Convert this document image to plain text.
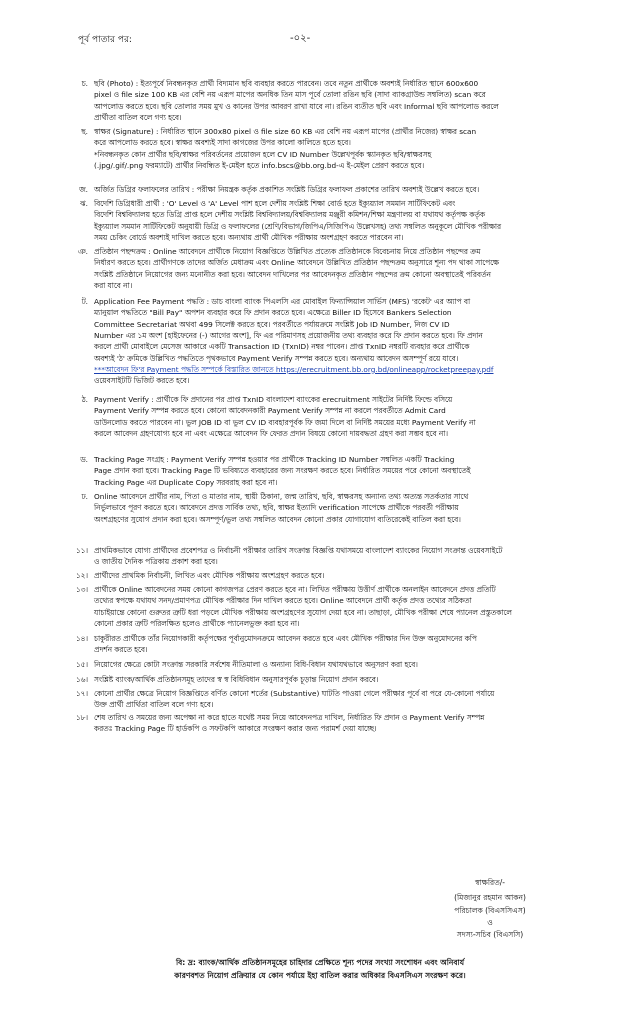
পূর্ব পাতার পর:	-০২-
চ. ছবি (Photo) : ইত্যপূর্বে নিবন্ধনকৃত প্রার্থী বিদ্যমান ছবি ব্যবহার করতে পারবেন। তবে নতুন প্রার্থীকে অবশ্যই নির্ধারিত স্থানে 600x600
pixel ও file size 100 KB এর বেশি নয় এরূপ মাপের অনধিক তিন মাস পূর্বে তোলা রঙিন ছবি (সাদা ব্যাকগ্রাউন্ড সম্বলিত) scan করে
আপলোড করতে হবে। ছবি তোলার সময় মুখ ও কানের উপর আবরণ রাখা যাবে না। রঙিন ব্যতীত ছবি এবং Informal ছবি আপলোড করলে
প্রার্থীতা বাতিল বলে গণ্য হবে।
ছ. স্বাক্ষর (Signature) : নির্ধারিত স্থানে 300x80 pixel ও file size 60 KB এর বেশি নয় এরূপ মাপের (প্রার্থীর নিজের) স্বাক্ষর scan
করে আপলোড করতে হবে। স্বাক্ষর অবশ্যই সাদা কাগজের উপর কালো কালিতে হতে হবে।
*নিবন্ধনকৃত কোন প্রার্থীর ছবি/স্বাক্ষর পরিবর্তনের প্রয়োজন হলে CV ID Number উল্লেখপূর্বক স্ক্যানকৃত ছবি/স্বাক্ষরসহ
(.jpg/.gif/.png ফরম্যাটে) প্রার্থীর নিবন্ধিত ই-মেইল হতে info.bscs@bb.org.bd-এ ই-মেইল প্রেরণ করতে হবে।
জ. অর্জিত ডিগ্রির ফলাফলের তারিখ : পরীক্ষা নিয়ন্ত্রক কর্তৃক প্রকাশিত সংশ্লিষ্ট ডিগ্রির ফলাফল প্রকাশের তারিখ অবশ্যই উল্লেখ করতে হবে।
ঝ. বিদেশি ডিগ্রিধারী প্রার্থী : 'O' Level ও 'A' Level পাশ হলে দেশীয় সংশ্লিষ্ট শিক্ষা বোর্ড হতে ইক্যুয়্যাল সমমান সার্টিফিকেট এবং
বিদেশি বিশ্ববিদ্যালয় হতে ডিগ্রি প্রাপ্ত হলে দেশীয় সংশ্লিষ্ট বিশ্ববিদ্যালয়/বিশ্ববিদ্যালয় মঞ্জুরী কমিশন/শিক্ষা মন্ত্রণালয় বা যথাযথ কর্তৃপক্ষ কর্তৃক
ইক্যুয়্যাল সমমান সার্টিফিকেট অনুযায়ী ডিগ্রি ও ফলাফলের (শ্রেণি/বিভাগ/জিপিএ/সিজিপিএ উল্লেখসহ) তথ্য সম্বলিত অনুকূলে মৌখিক পরীক্ষার
সময় চেকিং বোর্ডে অবশ্যই দাখিল করতে হবে। অন্যথায় প্রার্থী মৌখিক পরীক্ষায় অংশগ্রহণ করতে পারবেন না।
ঞ. প্রতিষ্ঠান পছন্দক্রম : Online আবেদনে প্রার্থীকে নিয়োগ বিজ্ঞপ্তিতে উল্লিখিত প্রত্যেক প্রতিষ্ঠানকে বিবেচনায় নিয়ে প্রতিষ্ঠান পছন্দের ক্রম
নির্ধারণ করতে হবে। প্রার্থীগণকে তাদের অর্জিত মেধাক্রম এবং Online আবেদনে উল্লিখিত প্রতিষ্ঠান পছন্দক্রম অনুসারে শূন্য পদ থাকা সাপেক্ষে
সংশ্লিষ্ট প্রতিষ্ঠানে নিয়োগের জন্য মনোনীত করা হবে। আবেদন দাখিলের পর আবেদনকৃত প্রতিষ্ঠান পছন্দের ক্রম কোনো অবস্থাতেই পরিবর্তন
করা যাবে না।
ট. Application Fee Payment পদ্ধতি : ডাচ বাংলা ব্যাংক পিএলসি এর মোবাইল ফিন্যান্সিয়াল সার্ভিস (MFS) 'রকেট' এর অ্যাপ বা
ম্যানুয়াল পদ্ধতিতে "Bill Pay" অপশন ব্যবহার করে ফি প্রদান করতে হবে। এক্ষেত্রে Biller ID হিসেবে Bankers Selection
Committee Secretariat অথবা 499 সিলেক্ট করতে হবে। পরবর্তীতে পর্যায়ক্রমে সংশ্লিষ্ট Job ID Number, নিজ CV ID
Number এর ১ম অংশ [হাইফেনের (-) আগের অংশ], ফি এর পরিমাণসহ প্রয়োজনীয় তথ্য ব্যবহার করে ফি প্রদান করতে হবে। ফি প্রদান
করলে প্রার্থী মোবাইলে মেসেজ আকারে একটি Transaction ID (TxnID) নম্বর পাবেন। প্রাপ্ত TxnID নম্বরটি ব্যবহার করে প্রার্থীকে
অবশ্যই 'ঠ' ক্রমিকে উল্লিখিত পদ্ধতিতে পৃথকভাবে Payment Verify সম্পন্ন করতে হবে। অন্যথায় আবেদন অসম্পূর্ণ রয়ে যাবে।
***আবেদন ফি'র Payment পদ্ধতি সম্পর্কে বিস্তারিত জানতে https://erecruitment.bb.org.bd/onlineapp/rocketpreepay.pdf
ওয়েবসাইটটি ভিজিট করতে হবে।
ঠ. Payment Verify : প্রার্থীকে ফি প্রদানের পর প্রাপ্ত TxnID বাংলাদেশ ব্যাংকের erecruitment সাইটের নির্দিষ্ট ফিল্ডে বসিয়ে
Payment Verify সম্পন্ন করতে হবে। কোনো আবেদনকারী Payment Verify সম্পন্ন না করলে পরবর্তীতে Admit Card
ডাউনলোড করতে পারবেন না। ভুল JOB ID বা ভুল CV ID ব্যবহারপূর্বক ফি জমা দিলে বা নির্দিষ্ট সময়ের মধ্যে Payment Verify না
করলে আবেদন গ্রহণযোগ্য হবে না এবং এক্ষেত্রে আবেদন ফি ফেরত প্রদান বিষয়ে কোনো দায়বদ্ধতা গ্রহণ করা সম্ভব হবে না।
ড. Tracking Page সংগ্রহ : Payment Verify সম্পন্ন হওয়ার পর প্রার্থীকে Tracking ID Number সম্বলিত একটি Tracking
Page প্রদান করা হবে। Tracking Page টি ভবিষ্যতে ব্যবহারের জন্য সংরক্ষণ করতে হবে। নির্ধারিত সময়ের পরে কোনো অবস্থাতেই
Tracking Page এর Duplicate Copy সরবরাহ করা হবে না।
ঢ. Online আবেদনে প্রার্থীর নাম, পিতা ও মাতার নাম, স্থায়ী ঠিকানা, জন্ম তারিখ, ছবি, স্বাক্ষরসহ অন্যান্য তথ্য অত্যন্ত সতর্কতার সাথে
নির্ভুলভাবে পূরণ করতে হবে। আবেদনে প্রদত্ত সার্বিক তথ্য, ছবি, স্বাক্ষর ইত্যাদি verification সাপেক্ষে প্রার্থীকে পরবর্তী পরীক্ষায়
অংশগ্রহণের সুযোগ প্রদান করা হবে। অসম্পূর্ণ/ভুল তথ্য সম্বলিত আবেদন কোনো প্রকার যোগাযোগ ব্যতিরেকেই বাতিল করা হবে।
১১। প্রাথমিকভাবে যোগ্য প্রার্থীদের প্রবেশপত্র ও নির্বাচনী পরীক্ষার তারিখ সংক্রান্ত বিজ্ঞপ্তি যথাসময়ে বাংলাদেশ ব্যাংকের নিয়োগ সংক্রান্ত ওয়েবসাইটে
ও জাতীয় দৈনিক পত্রিকায় প্রকাশ করা হবে।
১২। প্রার্থীদের প্রাথমিক নির্বাচনী, লিখিত এবং মৌখিক পরীক্ষায় অংশগ্রহণ করতে হবে।
১৩। প্রার্থীকে Online আবেদনের সময় কোনো কাগজপত্র প্রেরণ করতে হবে না। লিখিত পরীক্ষায় উত্তীর্ণ প্রার্থীকে অনলাইন আবেদনে প্রদত্ত প্রতিটি
তথ্যের স্বপক্ষে যথাযথ সনদ/প্রমাণপত্র মৌখিক পরীক্ষার দিন দাখিল করতে হবে। Online আবেদনে প্রার্থী কর্তৃক প্রদত্ত তথ্যের সঠিকতা
যাচাইয়ান্তে কোনো গুরুতর ত্রুটি ধরা পড়লে মৌখিক পরীক্ষায় অংশগ্রহণের সুযোগ দেয়া হবে না। তাছাড়া, মৌখিক পরীক্ষা শেষে প্যানেল প্রস্তুতকালে
কোনো প্রকার ত্রুটি পরিলক্ষিত হলেও প্রার্থীকে প্যানেলভুক্ত করা হবে না।
১৪। চাকুরীরত প্রার্থীকে তাঁর নিয়োগকারী কর্তৃপক্ষের পূর্বানুমোদনক্রমে আবেদন করতে হবে এবং মৌখিক পরীক্ষার দিন উক্ত অনুমোদনের কপি
প্রদর্শন করতে হবে।
১৫। নিয়োগের ক্ষেত্রে কোটা সংক্রান্ত সরকারি সর্বশেষ নীতিমালা ও অন্যান্য বিধি-বিধান যথাযথভাবে অনুসরণ করা হবে।
১৬। সংশ্লিষ্ট ব্যাংক/আর্থিক প্রতিষ্ঠানসমূহ তাদের স্ব স্ব বিধিবিধান অনুসারপূর্বক চূড়ান্ত নিয়োগ প্রদান করবে।
১৭। কোনো প্রার্থীর ক্ষেত্রে নিয়োগ বিজ্ঞপ্তিতে বর্ণিত কোনো শর্তের (Substantive) ঘাটতি পাওয়া গেলে পরীক্ষার পূর্বে বা পরে যে-কোনো পর্যায়ে
উক্ত প্রার্থী প্রার্থিতা বাতিল বলে গণ্য হবে।
১৮। শেষ তারিখ ও সময়ের জন্য অপেক্ষা না করে হাতে যথেষ্ট সময় নিয়ে আবেদনপত্র দাখিল, নির্ধারিত ফি প্রদান ও Payment Verify সম্পন্ন
করতঃ Tracking Page টি হার্ডকপি ও সফটকপি আকারে সংরক্ষণ করার জন্য পরামর্শ দেয়া যাচ্ছে।
স্বাক্ষরিত/-
(মিজানুর রহমান আকন)
পরিচালক (বিএসসিএস)
ও
সদস্য-সচিব (বিএসসি)
বি: দ্র: ব্যাংক/আর্থিক প্রতিষ্ঠানসমূহের চাহিদার প্রেক্ষিতে শূন্য পদের সংখ্যা সংশোধন এবং অনিবার্য
কারণবশত নিয়োগ প্রক্রিয়ার যে কোন পর্যায়ে ইহা বাতিল করার অধিকার বিএসসিএস সংরক্ষণ করে।
